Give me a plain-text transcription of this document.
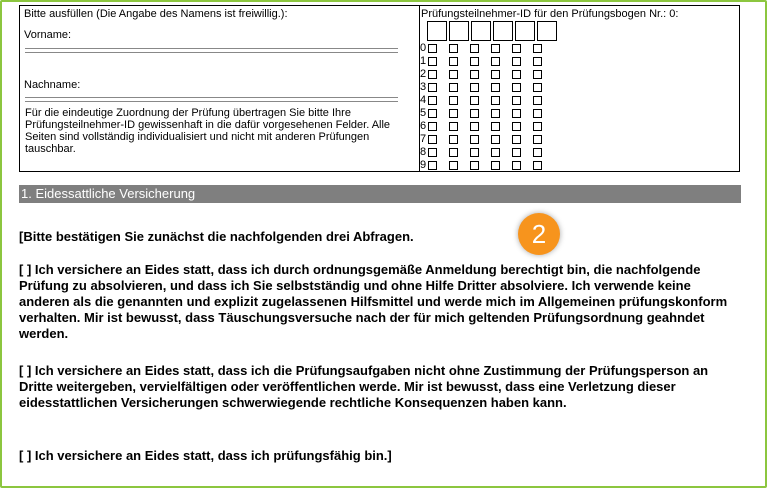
Bitte ausfüllen (Die Angabe des Namens ist freiwillig.):
Vorname:
Nachname:
Für die eindeutige Zuordnung der Prüfung übertragen Sie bitte Ihre Prüfungsteilnehmer-ID gewissenhaft in die dafür vorgesehenen Felder. Alle Seiten sind vollständig individualisiert und nicht mit anderen Prüfungen tauschbar.
Prüfungsteilnehmer-ID für den Prüfungsbogen Nr.: 0:
0
1
2
3
4
5
6
7
8
9
1. Eidessattliche Versicherung
2
[Bitte bestätigen Sie zunächst die nachfolgenden drei Abfragen.
[ ] Ich versichere an Eides statt, dass ich durch ordnungsgemäße Anmeldung berechtigt bin, die nachfolgende Prüfung zu absolvieren, und dass ich Sie selbstständig und ohne Hilfe Dritter absolviere. Ich verwende keine anderen als die genannten und explizit zugelassenen Hilfsmittel und werde mich im Allgemeinen prüfungskonform verhalten. Mir ist bewusst, dass Täuschungsversuche nach der für mich geltenden Prüfungsordnung geahndet werden.
[ ] Ich versichere an Eides statt, dass ich die Prüfungsaufgaben nicht ohne Zustimmung der Prüfungsperson an Dritte weitergeben, vervielfältigen oder veröffentlichen werde. Mir ist bewusst, dass eine Verletzung dieser eidesstattlichen Versicherungen schwerwiegende rechtliche Konsequenzen haben kann.
[ ] Ich versichere an Eides statt, dass ich prüfungsfähig bin.]
